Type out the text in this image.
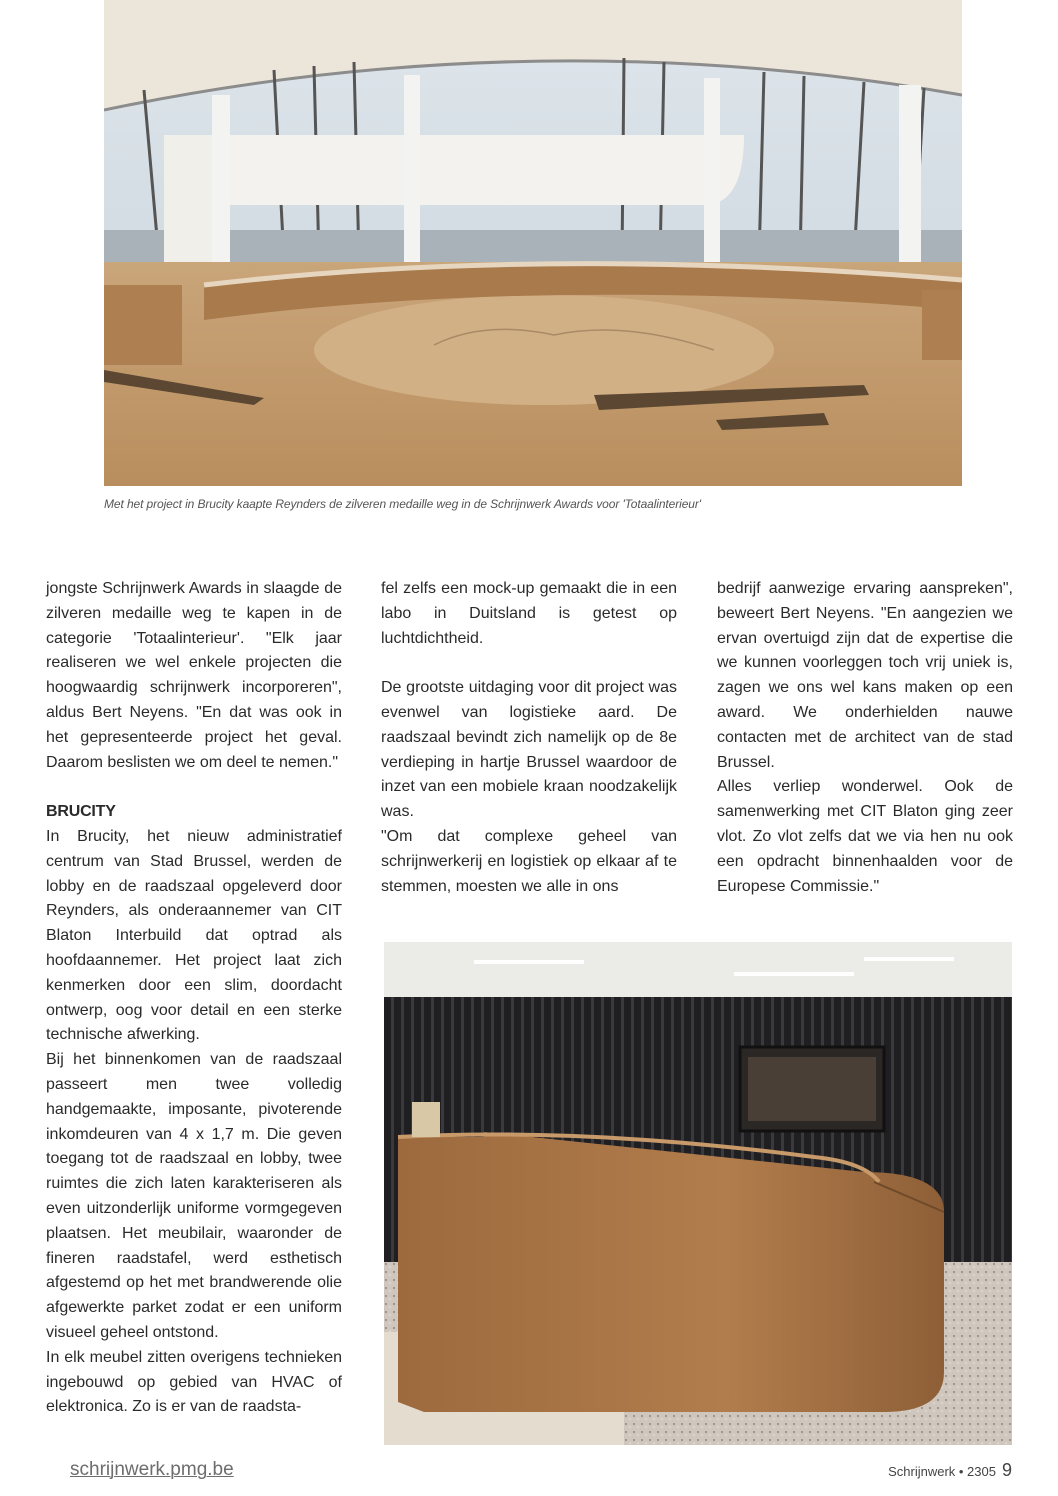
Met het project in Brucity kaapte Reynders de zilveren medaille weg in de Schrijnwerk Awards voor 'Totaalinterieur'

jongste Schrijnwerk Awards in slaagde de zilveren medaille weg te kapen in de categorie 'Totaalinterieur'. "Elk jaar realiseren we wel enkele projecten die hoogwaardig schrijnwerk incorporeren", aldus Bert Neyens. "En dat was ook in het gepresenteerde project het geval. Daarom beslisten we om deel te nemen."

BRUCITY

In Brucity, het nieuw administratief centrum van Stad Brussel, werden de lobby en de raadszaal opgeleverd door Reynders, als onderaannemer van CIT Blaton Interbuild dat optrad als hoofdaannemer. Het project laat zich kenmerken door een slim, doordacht ontwerp, oog voor detail en een sterke technische afwerking.

Bij het binnenkomen van de raadszaal passeert men twee volledig handgemaakte, imposante, pivoterende inkomdeuren van 4 x 1,7 m. Die geven toegang tot de raadszaal en lobby, twee ruimtes die zich laten karakteriseren als even uitzonderlijk uniforme vormgegeven plaatsen. Het meubilair, waaronder de fineren raadstafel, werd esthetisch afgestemd op het met brandwerende olie afgewerkte parket zodat er een uniform visueel geheel ontstond.

In elk meubel zitten overigens technieken ingebouwd op gebied van HVAC of elektronica. Zo is er van de raadsta-

fel zelfs een mock-up gemaakt die in een labo in Duitsland is getest op luchtdichtheid.

De grootste uitdaging voor dit project was evenwel van logistieke aard. De raadszaal bevindt zich namelijk op de 8e verdieping in hartje Brussel waardoor de inzet van een mobiele kraan noodzakelijk was.

"Om dat complexe geheel van schrijnwerkerij en logistiek op elkaar af te stemmen, moesten we alle in ons

bedrijf aanwezige ervaring aanspreken", beweert Bert Neyens. "En aangezien we ervan overtuigd zijn dat de expertise die we kunnen voorleggen toch vrij uniek is, zagen we ons wel kans maken op een award. We onderhielden nauwe contacten met de architect van de stad Brussel.

Alles verliep wonderwel. Ook de samenwerking met CIT Blaton ging zeer vlot. Zo vlot zelfs dat we via hen nu ook een opdracht binnenhaalden voor de Europese Commissie."

schrijnwerk.pmg.be	Schrijnwerk • 2305 9
